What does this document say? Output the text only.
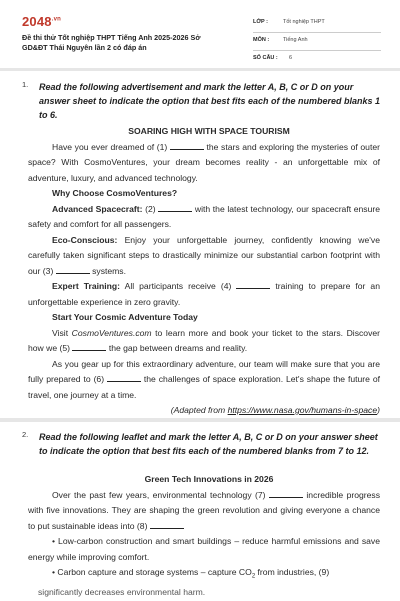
$2048^{.vn}$
Đề thi thử Tốt nghiệp THPT Tiếng Anh 2025-2026 Sở
GD&ĐT Thái Nguyên lần 2 có đáp án
LỚP :	Tốt nghiệp THPT
MÔN :	Tiếng Anh
SỐ CÂU : 6
1. Read the following advertisement and mark the letter A, B, C or D on your answer sheet to indicate the option that best fits each of the numbered blanks 1 to 6.

SOARING HIGH WITH SPACE TOURISM

Have you ever dreamed of (1)	the stars and exploring the mysteries of outer space? With CosmoVentures, your dream becomes reality - an unforgettable mix of adventure, luxury, and advanced technology.

Why Choose CosmoVentures?

Advanced Spacecraft: (2)	with the latest technology, our spacecraft ensure safety and comfort for all passengers.

Eco-Conscious: Enjoy your unforgettable journey, confidently knowing we've carefully taken significant steps to drastically minimize our substantial carbon footprint with our (3)	systems.

Expert Training: All participants receive (4)	training to prepare for an unforgettable experience in zero gravity.

Start Your Cosmic Adventure Today

Visit CosmoVentures.com to learn more and book your ticket to the stars. Discover how we (5)	the gap between dreams and reality.

As you gear up for this extraordinary adventure, our team will make sure that you are fully prepared to (6)	the challenges of space exploration. Let's shape the future of travel, one journey at a time.

(Adapted from https://www.nasa.gov/humans-in-space)

2. Read the following leaflet and mark the letter A, B, C or D on your answer sheet to indicate the option that best fits each of the numbered blanks from 7 to 12.

Green Tech Innovations in 2026

Over the past few years, environmental technology (7)	incredible progress with five innovations. They are shaping the green revolution and giving everyone a chance to put sustainable ideas into (8)

• Low-carbon construction and smart buildings – reduce harmful emissions and save energy while improving comfort.

• Carbon capture and storage systems – capture $CO_2$ from industries, (9)

significantly decreases environmental harm.
